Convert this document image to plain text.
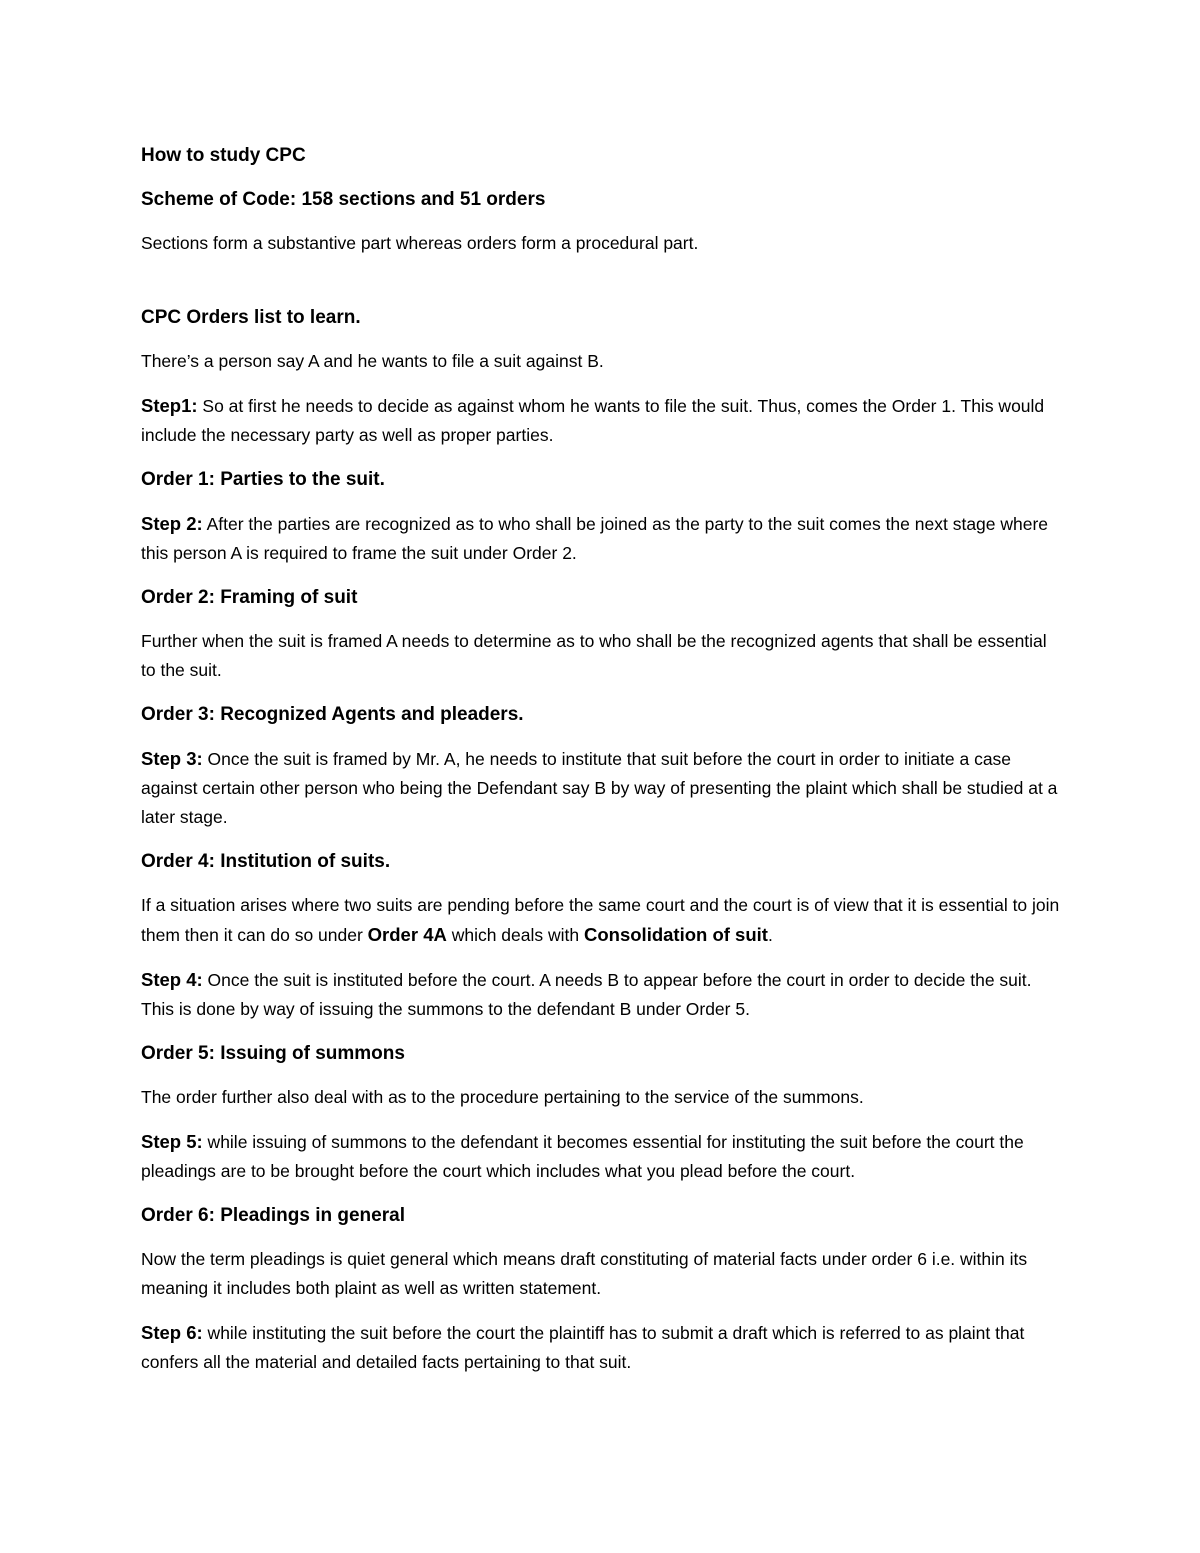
How to study CPC
Scheme of Code: 158 sections and 51 orders
Sections form a substantive part whereas orders form a procedural part.
CPC Orders list to learn.
There’s a person say A and he wants to file a suit against B.
Step1: So at first he needs to decide as against whom he wants to file the suit. Thus, comes the Order 1. This would include the necessary party as well as proper parties.
Order 1: Parties to the suit.
Step 2: After the parties are recognized as to who shall be joined as the party to the suit comes the next stage where this person A is required to frame the suit under Order 2.
Order 2: Framing of suit
Further when the suit is framed A needs to determine as to who shall be the recognized agents that shall be essential to the suit.
Order 3: Recognized Agents and pleaders.
Step 3: Once the suit is framed by Mr. A, he needs to institute that suit before the court in order to initiate a case against certain other person who being the Defendant say B by way of presenting the plaint which shall be studied at a later stage.
Order 4: Institution of suits.
If a situation arises where two suits are pending before the same court and the court is of view that it is essential to join them then it can do so under Order 4A which deals with Consolidation of suit.
Step 4: Once the suit is instituted before the court. A needs B to appear before the court in order to decide the suit. This is done by way of issuing the summons to the defendant B under Order 5.
Order 5: Issuing of summons
The order further also deal with as to the procedure pertaining to the service of the summons.
Step 5: while issuing of summons to the defendant it becomes essential for instituting the suit before the court the pleadings are to be brought before the court which includes what you plead before the court.
Order 6: Pleadings in general
Now the term pleadings is quiet general which means draft constituting of material facts under order 6 i.e. within its meaning it includes both plaint as well as written statement.
Step 6: while instituting the suit before the court the plaintiff has to submit a draft which is referred to as plaint that confers all the material and detailed facts pertaining to that suit.
